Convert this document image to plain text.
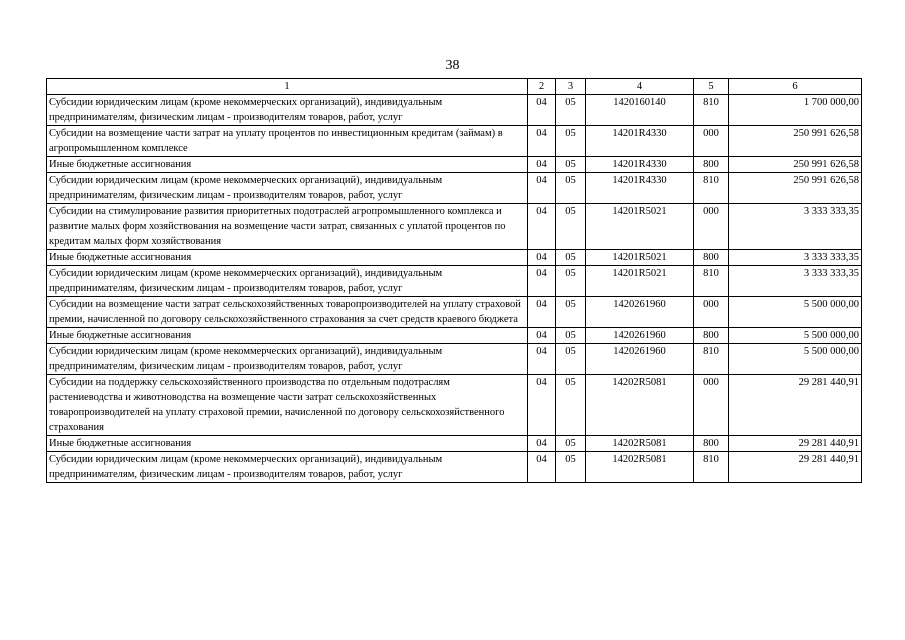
38
1	2	3	4	5	6
Субсидии юридическим лицам (кроме некоммерческих организаций), индивидуальным предпринимателям, физическим лицам - производителям товаров, работ, услуг	04	05	1420160140	810	1 700 000,00
Субсидии на возмещение части затрат на уплату процентов по инвестиционным кредитам (займам) в агропромышленном комплексе	04	05	14201R4330	000	250 991 626,58
Иные бюджетные ассигнования	04	05	14201R4330	800	250 991 626,58
Субсидии юридическим лицам (кроме некоммерческих организаций), индивидуальным предпринимателям, физическим лицам - производителям товаров, работ, услуг	04	05	14201R4330	810	250 991 626,58
Субсидии на стимулирование развития приоритетных подотраслей агропромышленного комплекса и развитие малых форм хозяйствования на возмещение части затрат, связанных с уплатой процентов по кредитам малых форм хозяйствования	04	05	14201R5021	000	3 333 333,35
Иные бюджетные ассигнования	04	05	14201R5021	800	3 333 333,35
Субсидии юридическим лицам (кроме некоммерческих организаций), индивидуальным предпринимателям, физическим лицам - производителям товаров, работ, услуг	04	05	14201R5021	810	3 333 333,35
Субсидии на возмещение части затрат сельскохозяйственных товаропроизводителей на уплату страховой премии, начисленной по договору сельскохозяйственного страхования за счет средств краевого бюджета	04	05	1420261960	000	5 500 000,00
Иные бюджетные ассигнования	04	05	1420261960	800	5 500 000,00
Субсидии юридическим лицам (кроме некоммерческих организаций), индивидуальным предпринимателям, физическим лицам - производителям товаров, работ, услуг	04	05	1420261960	810	5 500 000,00
Субсидии на поддержку сельскохозяйственного производства по отдельным подотраслям растениеводства и животноводства на возмещение части затрат сельскохозяйственных товаропроизводителей на уплату страховой премии, начисленной по договору сельскохозяйственного страхования	04	05	14202R5081	000	29 281 440,91
Иные бюджетные ассигнования	04	05	14202R5081	800	29 281 440,91
Субсидии юридическим лицам (кроме некоммерческих организаций), индивидуальным предпринимателям, физическим лицам - производителям товаров, работ, услуг	04	05	14202R5081	810	29 281 440,91
